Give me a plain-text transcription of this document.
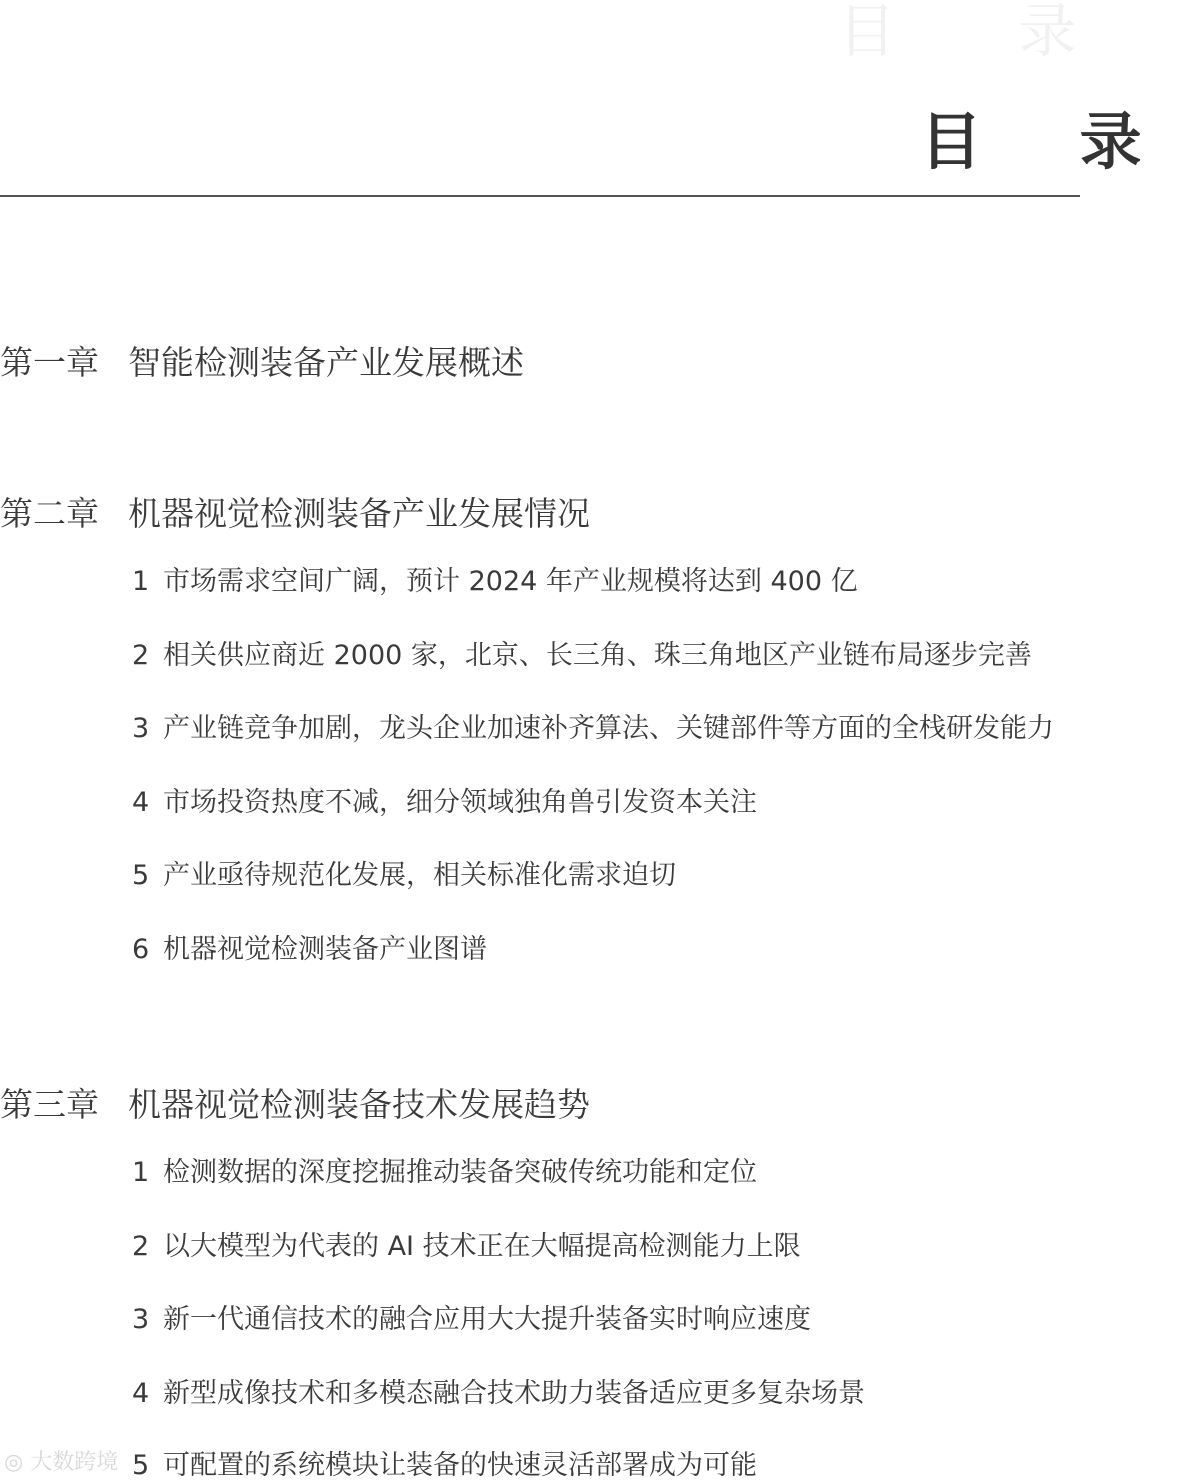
目 录
目 录
第一章 智能检测装备产业发展概述
第二章 机器视觉检测装备产业发展情况
1 市场需求空间广阔，预计 2024 年产业规模将达到 400 亿
2 相关供应商近 2000 家，北京、长三角、珠三角地区产业链布局逐步完善
3 产业链竞争加剧，龙头企业加速补齐算法、关键部件等方面的全栈研发能力
4 市场投资热度不减，细分领域独角兽引发资本关注
5 产业亟待规范化发展，相关标准化需求迫切
6 机器视觉检测装备产业图谱
第三章 机器视觉检测装备技术发展趋势
1 检测数据的深度挖掘推动装备突破传统功能和定位
2 以大模型为代表的 AI 技术正在大幅提高检测能力上限
3 新一代通信技术的融合应用大大提升装备实时响应速度
4 新型成像技术和多模态融合技术助力装备适应更多复杂场景
5 可配置的系统模块让装备的快速灵活部署成为可能
◎ 大数跨境
